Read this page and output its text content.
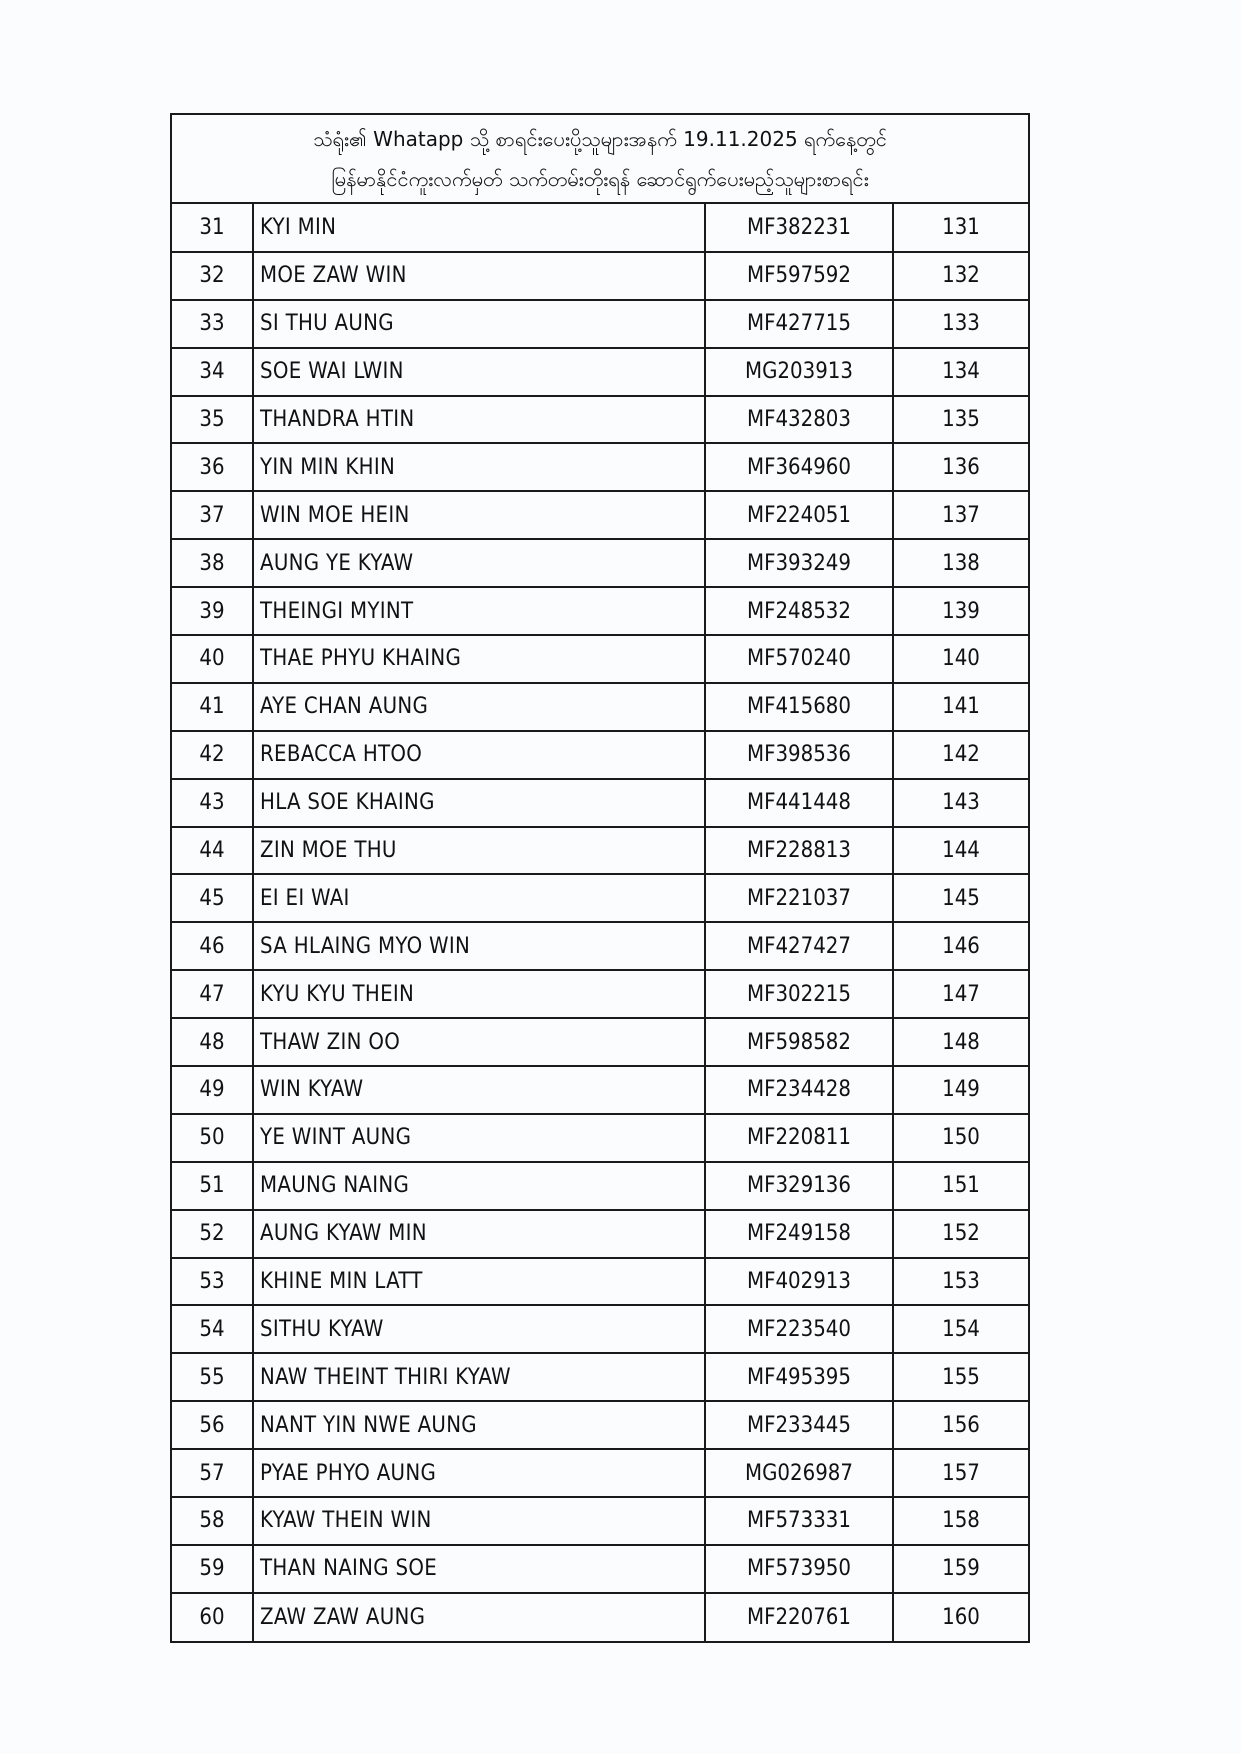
သံရုံး၏ Whatapp သို့ စာရင်းပေးပို့သူများအနက် 19.11.2025 ရက်နေ့တွင်
မြန်မာနိုင်ငံကူးလက်မှတ် သက်တမ်းတိုးရန် ဆောင်ရွက်ပေးမည့်သူများစာရင်း
31	KYI MIN	MF382231	131
32	MOE ZAW WIN	MF597592	132
33	SI THU AUNG	MF427715	133
34	SOE WAI LWIN	MG203913	134
35	THANDRA HTIN	MF432803	135
36	YIN MIN KHIN	MF364960	136
37	WIN MOE HEIN	MF224051	137
38	AUNG YE KYAW	MF393249	138
39	THEINGI MYINT	MF248532	139
40	THAE PHYU KHAING	MF570240	140
41	AYE CHAN AUNG	MF415680	141
42	REBACCA HTOO	MF398536	142
43	HLA SOE KHAING	MF441448	143
44	ZIN MOE THU	MF228813	144
45	EI EI WAI	MF221037	145
46	SA HLAING MYO WIN	MF427427	146
47	KYU KYU THEIN	MF302215	147
48	THAW ZIN OO	MF598582	148
49	WIN KYAW	MF234428	149
50	YE WINT AUNG	MF220811	150
51	MAUNG NAING	MF329136	151
52	AUNG KYAW MIN	MF249158	152
53	KHINE MIN LATT	MF402913	153
54	SITHU KYAW	MF223540	154
55	NAW THEINT THIRI KYAW	MF495395	155
56	NANT YIN NWE AUNG	MF233445	156
57	PYAE PHYO AUNG	MG026987	157
58	KYAW THEIN WIN	MF573331	158
59	THAN NAING SOE	MF573950	159
60	ZAW ZAW AUNG	MF220761	160
